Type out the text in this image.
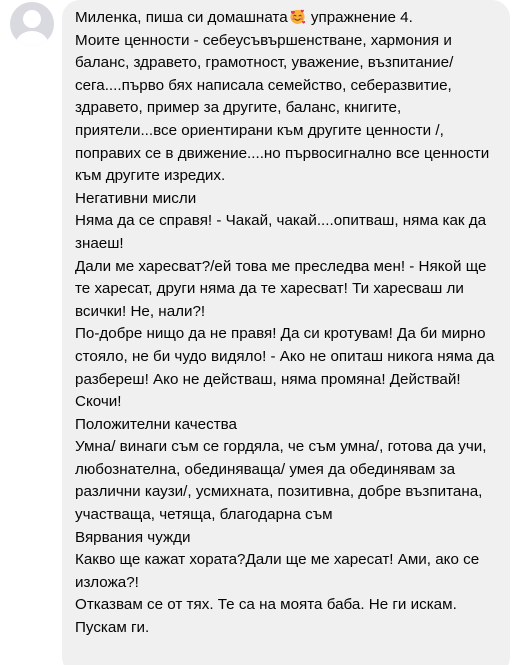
Миленка, пиша си домашната упражнение 4.

Моите ценности - себеусъвършенстване, хармония и баланс, здравето, грамотност, уважение, възпитание/ сега....първо бях написала семейство, себеразвитие, здравето, пример за другите, баланс, книгите, приятели...все ориентирани към другите ценности /, поправих се в движение....но първосигнално все ценности към другите изредих.

Негативни мисли

Няма да се справя! - Чакай, чакай....опитваш, няма как да знаеш!

Дали ме харесват?/ей това ме преследва мен! - Някой ще те харесат, други няма да те харесват! Ти харесваш ли всички! Не, нали?!

По-добре нищо да не правя! Да си кротувам! Да би мирно стояло, не би чудо видяло! - Ако не опиташ никога няма да разбереш! Ако не действаш, няма промяна! Действай! Скочи!

Положителни качества

Умна/ винаги съм се гордяла, че съм умна/, готова да учи, любознателна, обединяваща/ умея да обединявам за различни каузи/, усмихната, позитивна, добре възпитана, участваща, четяща, благодарна съм

Вярвания чужди

Какво ще кажат хората?Дали ще ме харесат! Ами, ако се изложа?!

Отказвам се от тях. Те са на моята баба. Не ги искам. Пускам ги.
